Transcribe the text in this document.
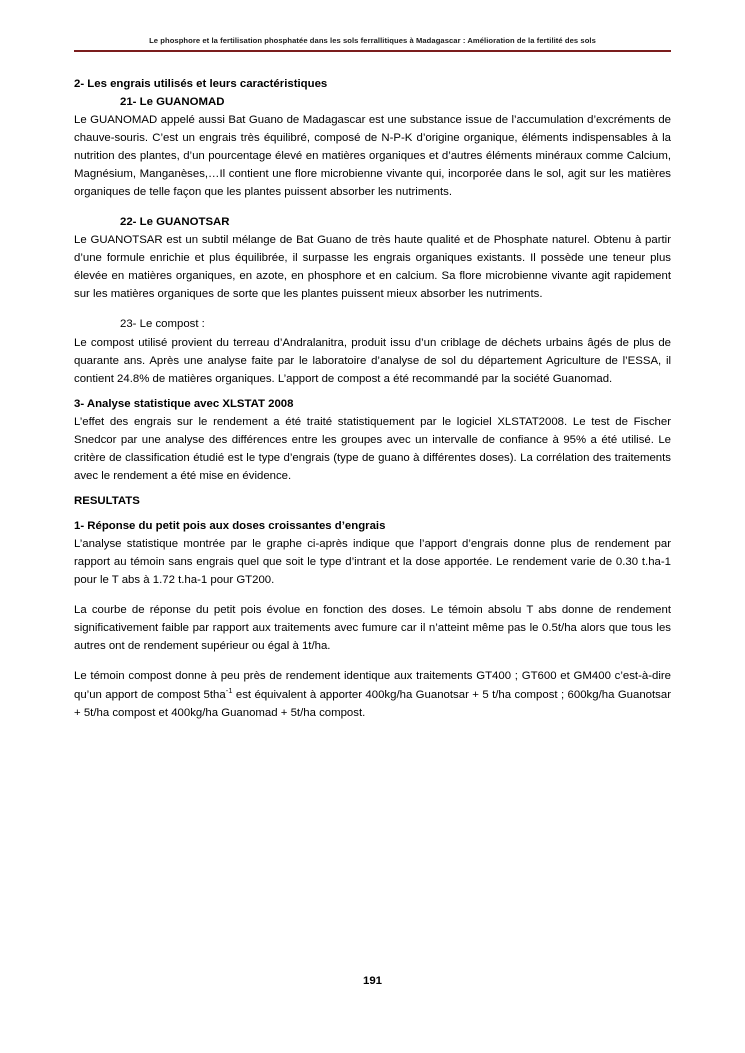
Le phosphore et la fertilisation phosphatée dans les sols ferrallitiques à Madagascar : Amélioration de la fertilité des sols
2- Les engrais utilisés et leurs caractéristiques
21- Le GUANOMAD

Le GUANOMAD appelé aussi Bat Guano de Madagascar est une substance issue de l’accumulation d’excréments de chauve-souris. C’est un engrais très équilibré, composé de N-P-K d’origine organique, éléments indispensables à la nutrition des plantes, d’un pourcentage élevé en matières organiques et d’autres éléments minéraux comme Calcium, Magnésium, Manganèses,…Il contient une flore microbienne vivante qui, incorporée dans le sol, agit sur les matières organiques de telle façon que les plantes puissent absorber les nutriments.

22- Le GUANOTSAR

Le GUANOTSAR est un subtil mélange de Bat Guano de très haute qualité et de Phosphate naturel. Obtenu à partir d’une formule enrichie et plus équilibrée, il surpasse les engrais organiques existants. Il possède une teneur plus élevée en matières organiques, en azote, en phosphore et en calcium. Sa flore microbienne vivante agit rapidement sur les matières organiques de sorte que les plantes puissent mieux absorber les nutriments.

23- Le compost :

Le compost utilisé provient du terreau d’Andralanitra, produit issu d’un criblage de déchets urbains âgés de plus de quarante ans. Après une analyse faite par le laboratoire d’analyse de sol du département Agriculture de l’ESSA, il contient 24.8% de matières organiques. L’apport de compost a été recommandé par la société Guanomad.

3- Analyse statistique avec XLSTAT 2008

L’effet des engrais sur le rendement a été traité statistiquement par le logiciel XLSTAT2008. Le test de Fischer Snedcor par une analyse des différences entre les groupes avec un intervalle de confiance à 95% a été utilisé. Le critère de classification étudié est le type d’engrais (type de guano à différentes doses). La corrélation des traitements avec le rendement a été mise en évidence.

RESULTATS
1- Réponse du petit pois aux doses croissantes d’engrais

L’analyse statistique montrée par le graphe ci-après indique que l’apport d’engrais donne plus de rendement par rapport au témoin sans engrais quel que soit le type d’intrant et la dose apportée. Le rendement varie de 0.30 t.ha-1 pour le T abs à 1.72 t.ha-1 pour GT200.

La courbe de réponse du petit pois évolue en fonction des doses. Le témoin absolu T abs donne de rendement significativement faible par rapport aux traitements avec fumure car il n’atteint même pas le 0.5t/ha alors que tous les autres ont de rendement supérieur ou égal à 1t/ha.

Le témoin compost donne à peu près de rendement identique aux traitements GT400 ; GT600 et GM400 c’est-à-dire qu’un apport de compost 5tha$^{-1}$ est équivalent à apporter 400kg/ha Guanotsar + 5 t/ha compost ; 600kg/ha Guanotsar + 5t/ha compost et 400kg/ha Guanomad + 5t/ha compost.

191
